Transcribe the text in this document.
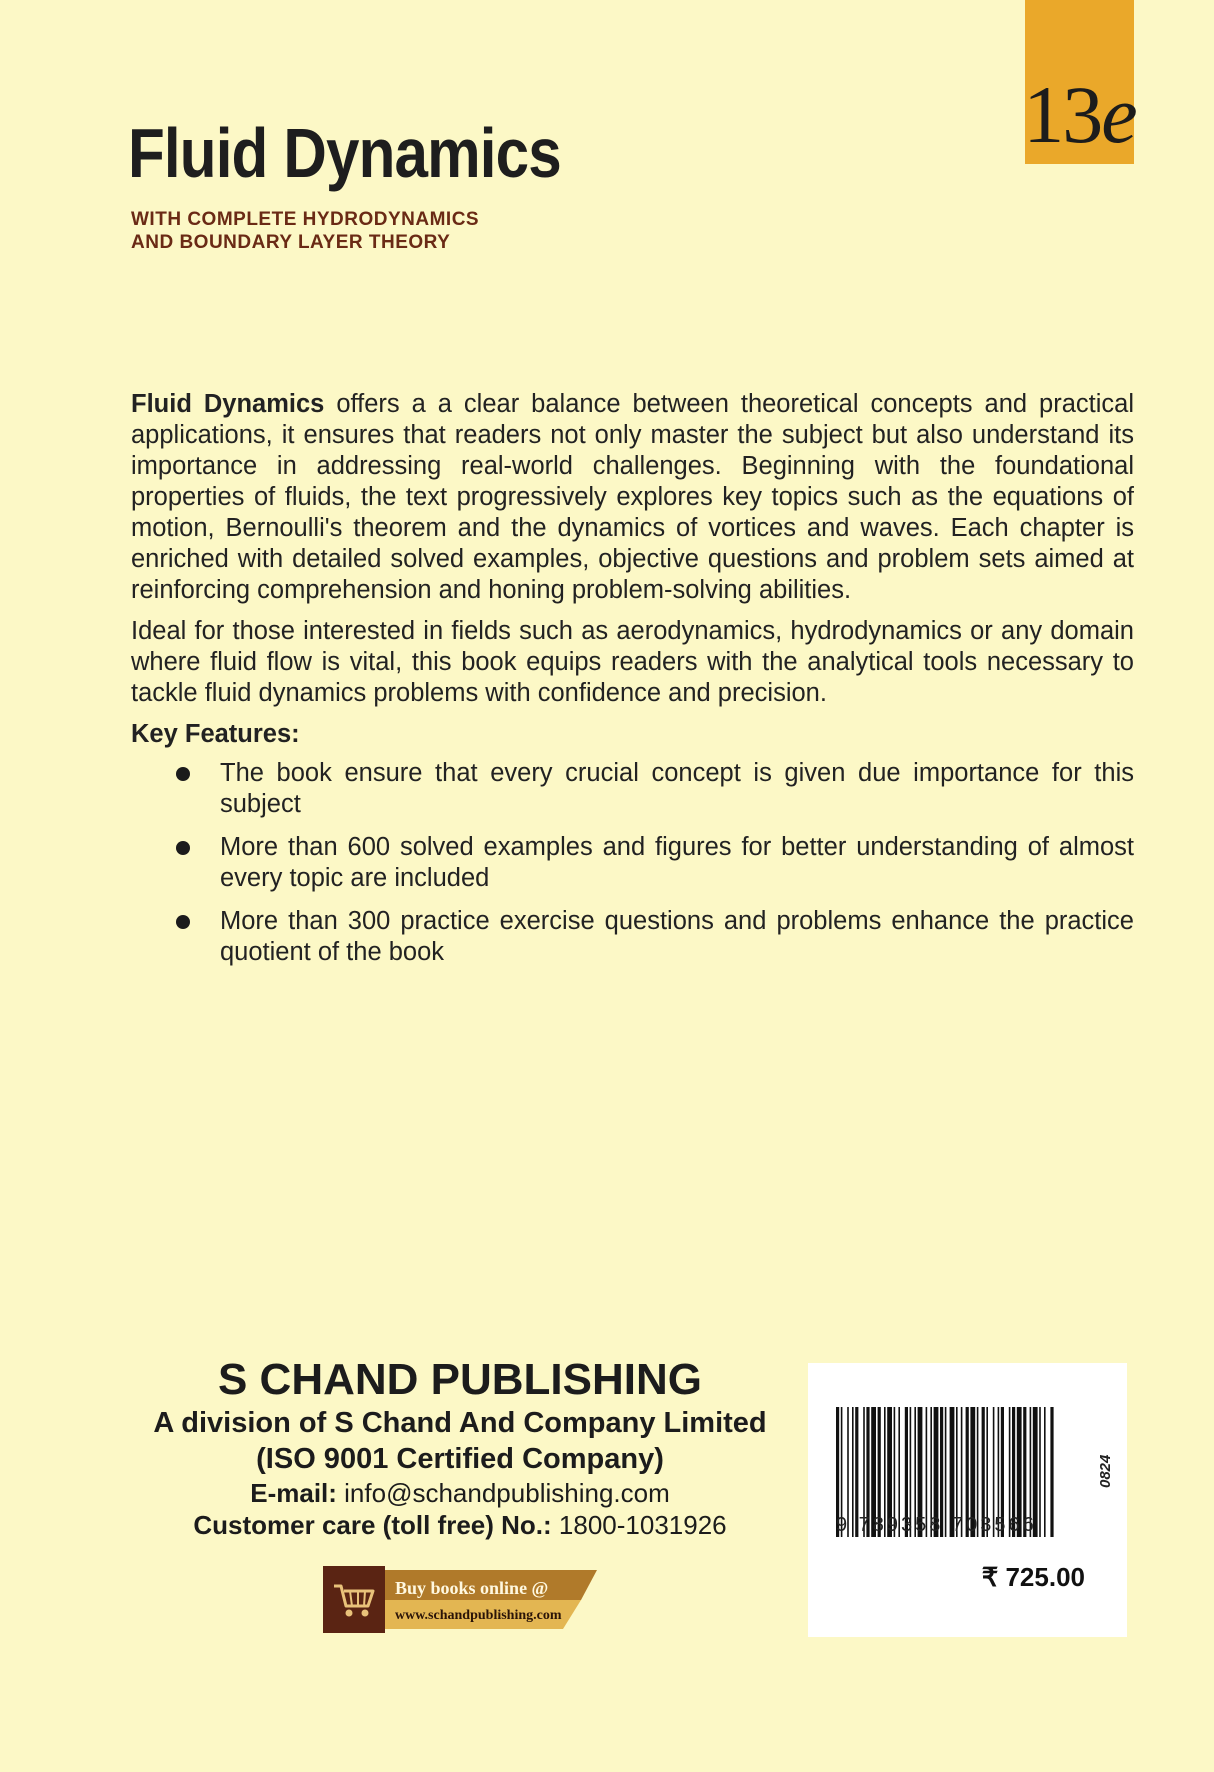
13e
Fluid Dynamics
WITH COMPLETE HYDRODYNAMICS
AND BOUNDARY LAYER THEORY

Fluid Dynamics offers a a clear balance between theoretical concepts and practical applications, it ensures that readers not only master the subject but also understand its importance in addressing real-world challenges. Beginning with the foundational properties of fluids, the text progressively explores key topics such as the equations of motion, Bernoulli's theorem and the dynamics of vortices and waves. Each chapter is enriched with detailed solved examples, objective questions and problem sets aimed at reinforcing comprehension and honing problem-solving abilities.

Ideal for those interested in fields such as aerodynamics, hydrodynamics or any domain where fluid flow is vital, this book equips readers with the analytical tools necessary to tackle fluid dynamics problems with confidence and precision.

Key Features:
The book ensure that every crucial concept is given due importance for this subject
More than 600 solved examples and figures for better understanding of almost every topic are included
More than 300 practice exercise questions and problems enhance the practice quotient of the book
S CHAND PUBLISHING
A division of S Chand And Company Limited
(ISO 9001 Certified Company)
E-mail: info@schandpublishing.com
Customer care (toll free) No.: 1800-1031926
Buy books online @
www.schandpublishing.com
9 789358 703566
₹ 725.00
0824
